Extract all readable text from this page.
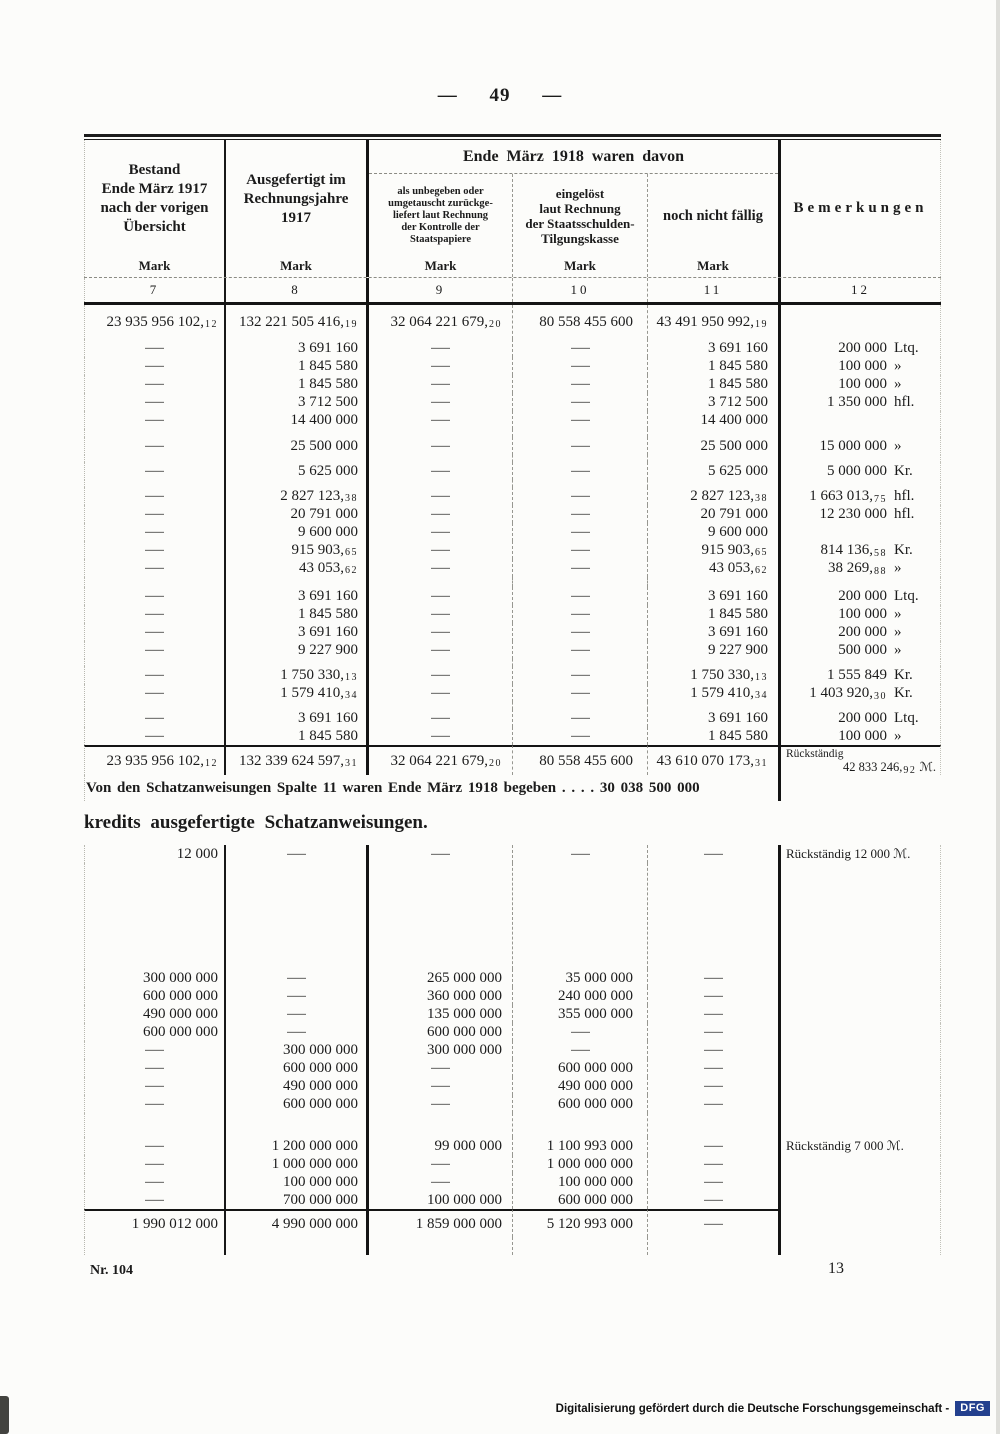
— 49 —
Bestand
Ende März 1917
nach der vorigen
Übersicht
Mark
Ausgefertigt im
Rechnungsjahre
1917
Mark
Ende März 1918 waren davon
als unbegeben oder
umgetauscht zurückge-
liefert laut Rechnung
der Kontrolle der
Staatspapiere
Mark
eingelöst
laut Rechnung
der Staatsschulden-
Tilgungskasse
Mark
noch nicht fällig
Mark
Bemerkungen
7	8	9	10	11	12
23 935 956 102, 12	132 221 505 416, 19	32 064 221 679, 20	80 558 455 600	43 491 950 992, 19
—	3 691 160	—	—	3 691 160	200 000 Ltq.
—	1 845 580	—	—	1 845 580	100 000 »
—	1 845 580	—	—	1 845 580	100 000 »
—	3 712 500	—	—	3 712 500	1 350 000 hfl.
—	14 400 000	—	—	14 400 000
—	25 500 000	—	—	25 500 000	15 000 000 »
—	5 625 000	—	—	5 625 000	5 000 000 Kr.
—	2 827 123, 38	—	—	2 827 123, 38	1 663 013,75 hfl.
—	20 791 000	—	—	20 791 000	12 230 000 hfl.
—	9 600 000	—	—	9 600 000
—	915 903, 65	—	—	915 903, 65	814 136,58 Kr.
—	43 053, 62	—	—	43 053, 62	38 269,88 »
—	3 691 160	—	—	3 691 160	200 000 Ltq.
—	1 845 580	—	—	1 845 580	100 000 »
—	3 691 160	—	—	3 691 160	200 000 »
—	9 227 900	—	—	9 227 900	500 000 »
—	1 750 330, 13	—	—	1 750 330, 13	1 555 849 Kr.
—	1 579 410, 34	—	—	1 579 410, 34	1 403 920,30 Kr.
—	3 691 160	—	—	3 691 160	200 000 Ltq.
—	1 845 580	—	—	1 845 580	100 000 »
23 935 956 102, 12	132 339 624 597, 31	32 064 221 679, 20	80 558 455 600	43 610 070 173, 31
Rückständig
42 833 246,92 ℳ.
Von den Schatzanweisungen Spalte 11 waren Ende März 1918 begeben . . . . 30 038 500 000
kredits ausgefertigte Schatzanweisungen.
12 000	—	—	—	—	Rückständig 12 000 ℳ.
300 000 000	—	265 000 000	35 000 000	—
600 000 000	—	360 000 000	240 000 000	—
490 000 000	—	135 000 000	355 000 000	—
600 000 000	—	600 000 000	—	—
—	300 000 000	300 000 000	—	—
—	600 000 000	—	600 000 000	—
—	490 000 000	—	490 000 000	—
—	600 000 000	—	600 000 000	—
—	1 200 000 000	99 000 000	1 100 993 000	—	Rückständig 7 000 ℳ.
—	1 000 000 000	—	1 000 000 000	—
—	100 000 000	—	100 000 000	—
—	700 000 000	100 000 000	600 000 000	—
1 990 012 000	4 990 000 000	1 859 000 000	5 120 993 000	—
Nr. 104	13
Digitalisierung gefördert durch die Deutsche Forschungsgemeinschaft -	DFG
